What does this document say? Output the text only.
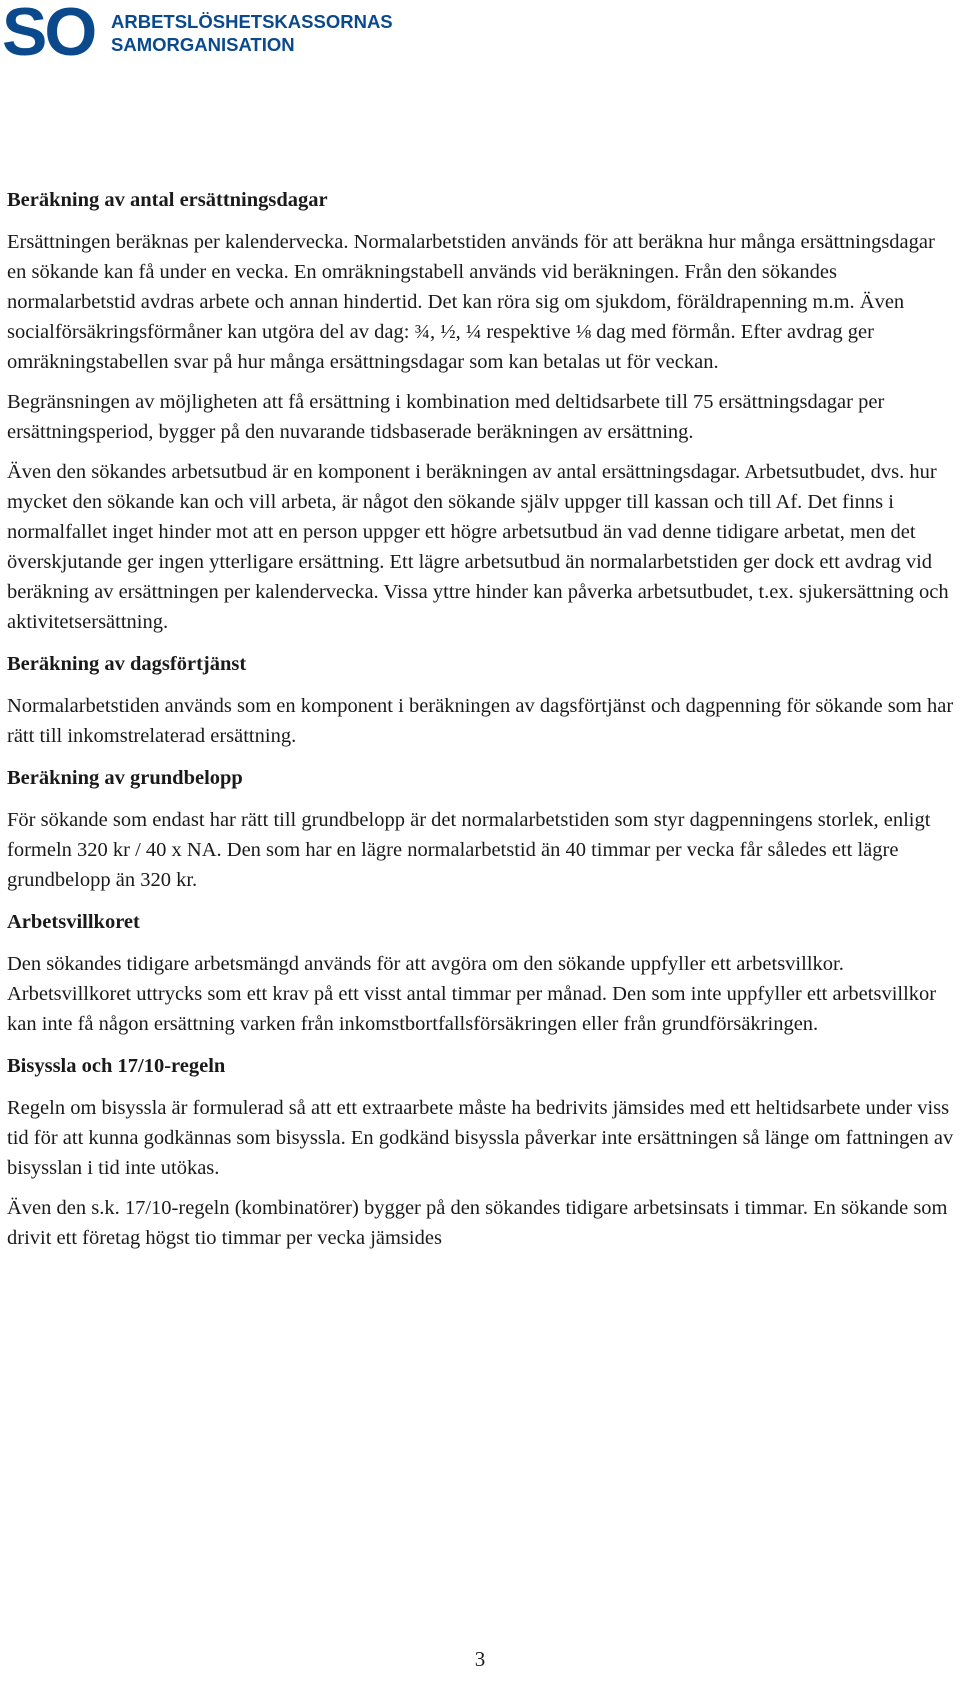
SO ARBETSLÖSHETSKASSORNAS
SAMORGANISATION
Beräkning av antal ersättningsdagar

Ersättningen beräknas per kalendervecka. Normalarbetstiden används för att beräkna hur många ersättningsdagar en sökande kan få under en vecka. En omräkningstabell används vid beräkningen. Från den sökandes normalarbetstid avdras arbete och annan hindertid. Det kan röra sig om sjukdom, föräldrapenning m.m. Även socialförsäkringsförmåner kan utgöra del av dag: ¾, ½, ¼ respektive ⅛ dag med förmån. Efter avdrag ger omräkningstabellen svar på hur många ersättningsdagar som kan betalas ut för veckan.

Begränsningen av möjligheten att få ersättning i kombination med deltidsarbete till 75 ersättningsdagar per ersättningsperiod, bygger på den nuvarande tidsbaserade beräkningen av ersättning.

Även den sökandes arbetsutbud är en komponent i beräkningen av antal ersättningsdagar. Arbetsutbudet, dvs. hur mycket den sökande kan och vill arbeta, är något den sökande själv uppger till kassan och till Af. Det finns i normalfallet inget hinder mot att en person uppger ett högre arbetsutbud än vad denne tidigare arbetat, men det överskjutande ger ingen ytterligare ersättning. Ett lägre arbetsutbud än normalarbetstiden ger dock ett avdrag vid beräkning av ersättningen per kalendervecka. Vissa yttre hinder kan påverka arbetsutbudet, t.ex. sjukersättning och aktivitetsersättning.

Beräkning av dagsförtjänst

Normalarbetstiden används som en komponent i beräkningen av dagsförtjänst och dagpenning för sökande som har rätt till inkomstrelaterad ersättning.

Beräkning av grundbelopp

För sökande som endast har rätt till grundbelopp är det normalarbetstiden som styr dagpenningens storlek, enligt formeln 320 kr / 40 x NA. Den som har en lägre normalarbetstid än 40 timmar per vecka får således ett lägre grundbelopp än 320 kr.

Arbetsvillkoret

Den sökandes tidigare arbetsmängd används för att avgöra om den sökande uppfyller ett arbetsvillkor. Arbetsvillkoret uttrycks som ett krav på ett visst antal timmar per månad. Den som inte uppfyller ett arbetsvillkor kan inte få någon ersättning varken från inkomstbortfallsförsäkringen eller från grundförsäkringen.

Bisyssla och 17/10-regeln

Regeln om bisyssla är formulerad så att ett extraarbete måste ha bedrivits jämsides med ett heltidsarbete under viss tid för att kunna godkännas som bisyssla. En godkänd bisyssla påverkar inte ersättningen så länge om fattningen av bisysslan i tid inte utökas.

Även den s.k. 17/10-regeln (kombinatörer) bygger på den sökandes tidigare arbetsinsats i timmar. En sökande som drivit ett företag högst tio timmar per vecka jämsides

3
